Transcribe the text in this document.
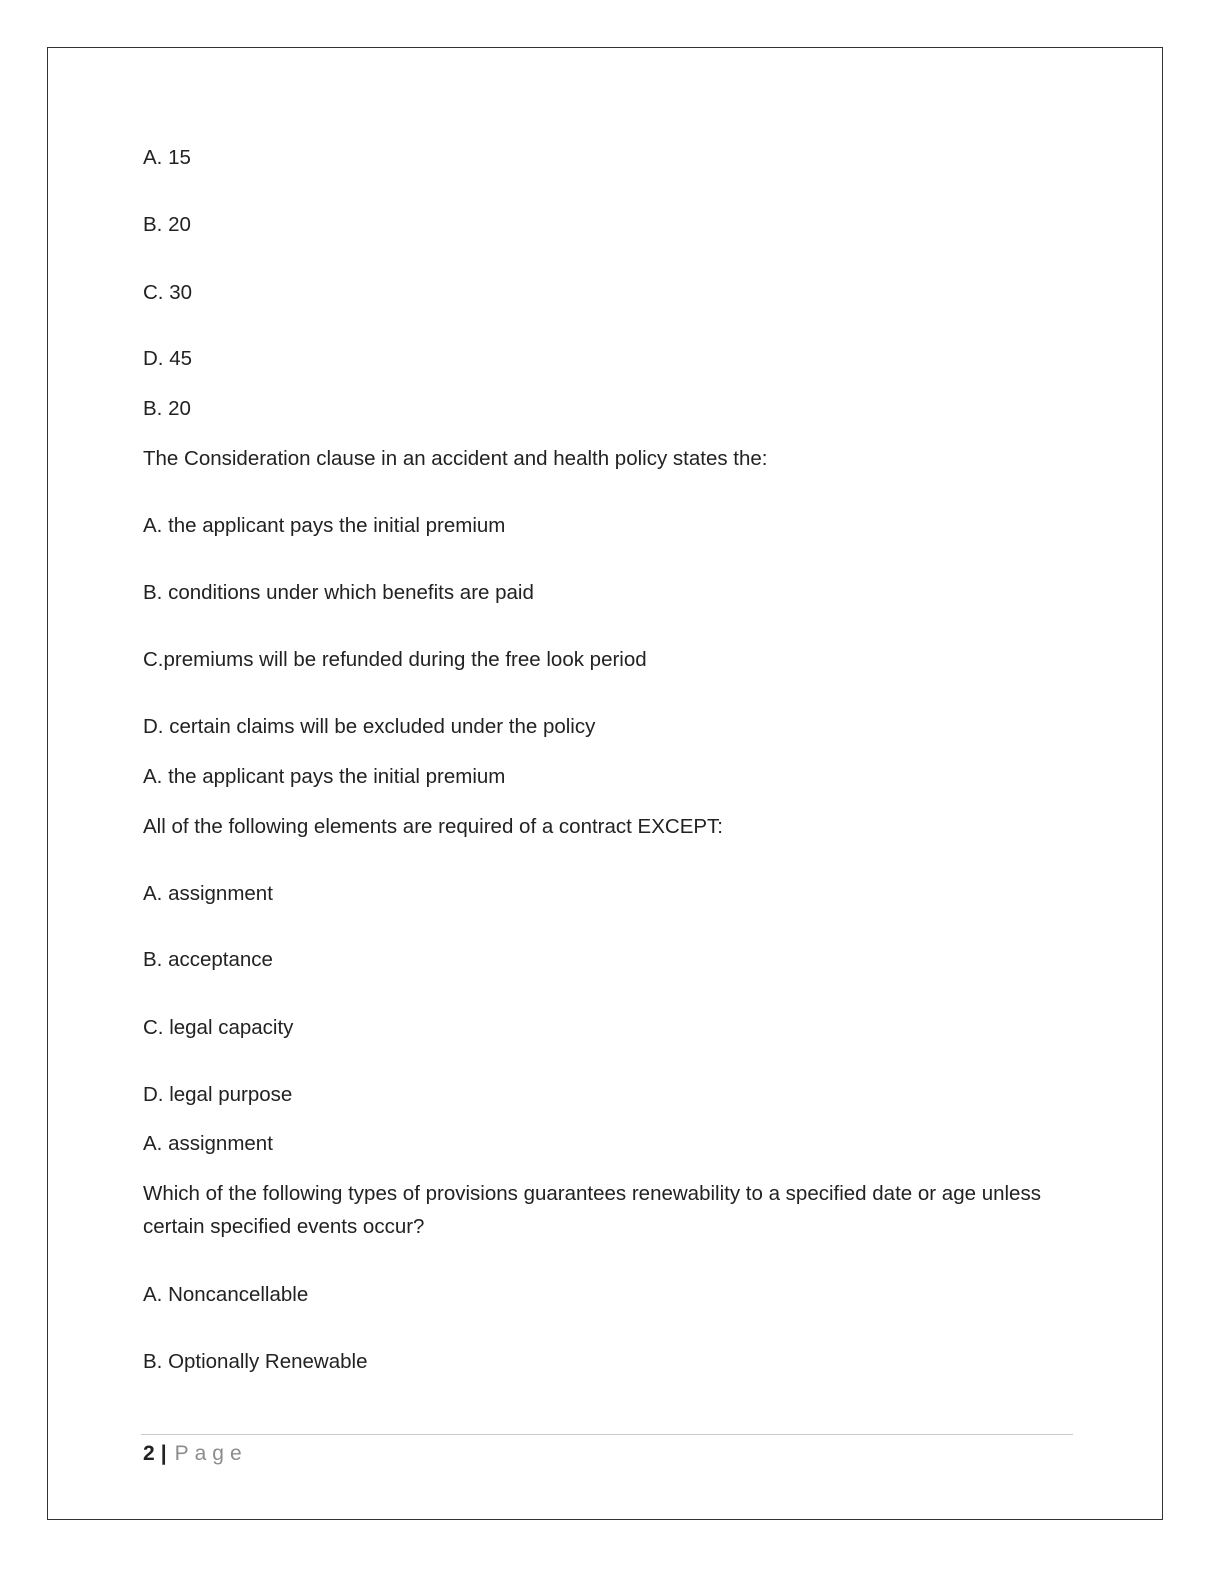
A. 15
B. 20
C. 30
D. 45
B. 20
The Consideration clause in an accident and health policy states the:
A. the applicant pays the initial premium
B. conditions under which benefits are paid
C.premiums will be refunded during the free look period
D. certain claims will be excluded under the policy
A. the applicant pays the initial premium
All of the following elements are required of a contract EXCEPT:
A. assignment
B. acceptance
C. legal capacity
D. legal purpose
A. assignment
Which of the following types of provisions guarantees renewability to a specified date or age unless certain specified events occur?
A. Noncancellable
B. Optionally Renewable
2 | Page
